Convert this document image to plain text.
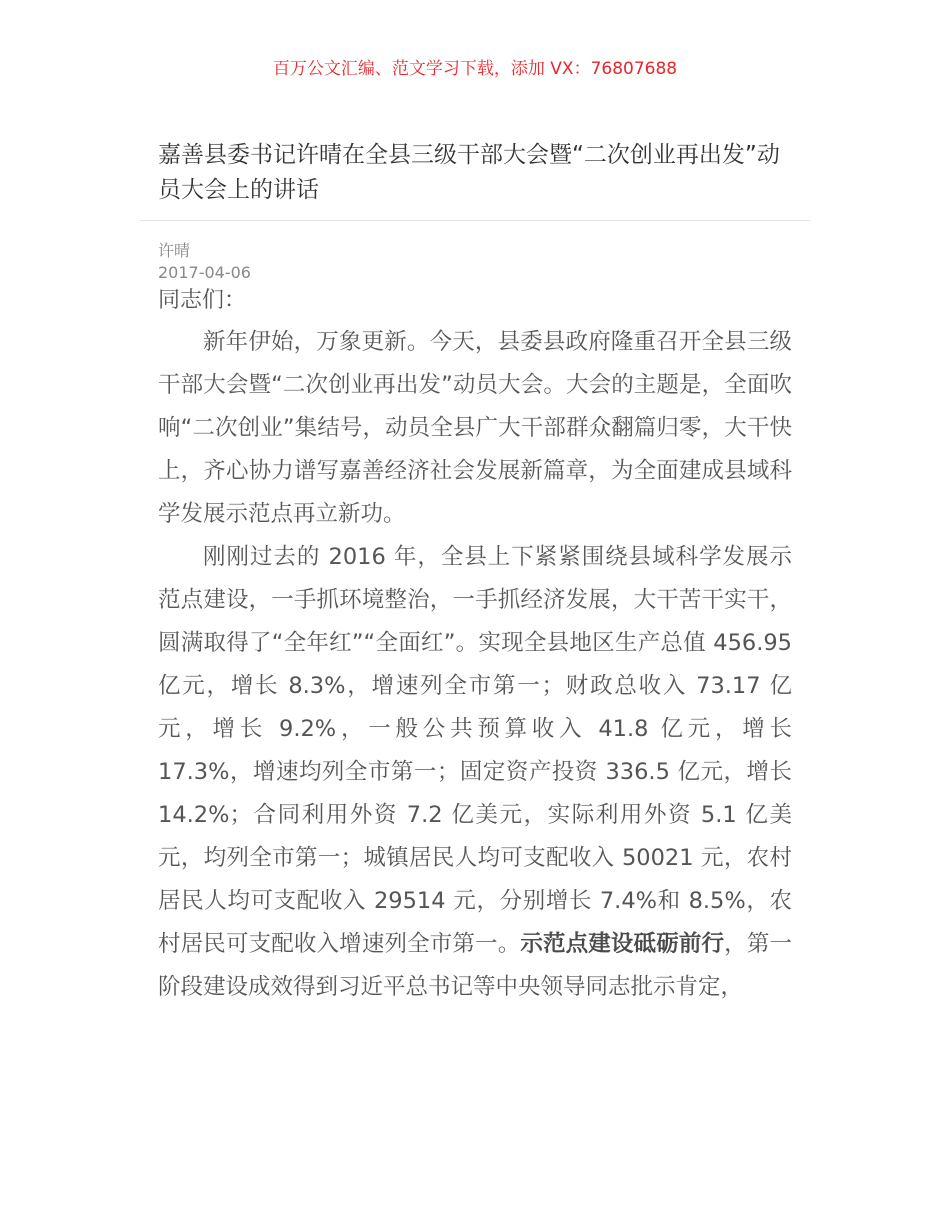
百万公文汇编、范文学习下载，添加 VX：76807688
嘉善县委书记许晴在全县三级干部大会暨“二次创业再出发”动员大会上的讲话
许晴
2017-04-06
同志们：

新年伊始，万象更新。今天，县委县政府隆重召开全县三级干部大会暨“二次创业再出发”动员大会。大会的主题是，全面吹响“二次创业”集结号，动员全县广大干部群众翻篇归零，大干快上，齐心协力谱写嘉善经济社会发展新篇章，为全面建成县域科学发展示范点再立新功。

刚刚过去的 2016 年，全县上下紧紧围绕县域科学发展示范点建设，一手抓环境整治，一手抓经济发展，大干苦干实干，圆满取得了“全年红”“全面红”。实现全县地区生产总值 456.95 亿元，增长 8.3%，增速列全市第一；财政总收入 73.17 亿元，增长 9.2%，一般公共预算收入 41.8 亿元，增长 17.3%，增速均列全市第一；固定资产投资 336.5 亿元，增长 14.2%；合同利用外资 7.2 亿美元，实际利用外资 5.1 亿美元，均列全市第一；城镇居民人均可支配收入 50021 元，农村居民人均可支配收入 29514 元，分别增长 7.4%和 8.5%，农村居民可支配收入增速列全市第一。示范点建设砥砺前行，第一阶段建设成效得到习近平总书记等中央领导同志批示肯定，
